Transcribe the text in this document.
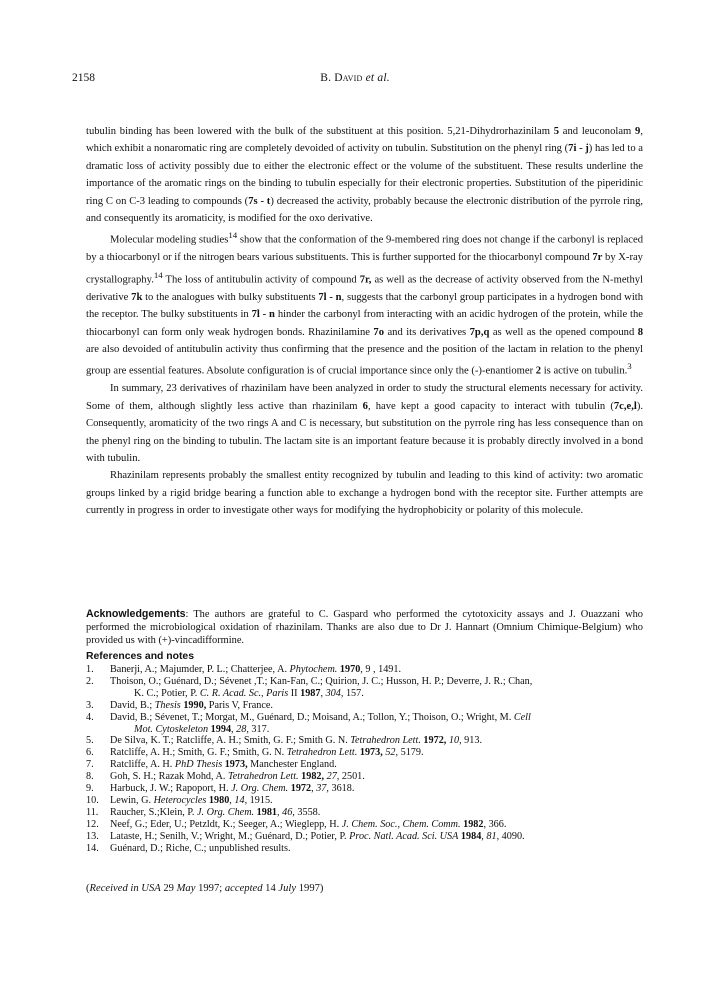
2158	B. David et al.

tubulin binding has been lowered with the bulk of the substituent at this position. 5,21-Dihydrorhazinilam 5 and leuconolam 9, which exhibit a nonaromatic ring are completely devoided of activity on tubulin. Substitution on the phenyl ring (7i - j) has led to a dramatic loss of activity possibly due to either the electronic effect or the volume of the substituent. These results underline the importance of the aromatic rings on the binding to tubulin especially for their electronic properties. Substitution of the piperidinic ring C on C-3 leading to compounds (7s - t) decreased the activity, probably because the electronic distribution of the pyrrole ring, and consequently its aromaticity, is modified for the oxo derivative.

Molecular modeling studies$^{14}$ show that the conformation of the 9-membered ring does not change if the carbonyl is replaced by a thiocarbonyl or if the nitrogen bears various substituents. This is further supported for the thiocarbonyl compound 7r by X-ray crystallography.$^{14}$ The loss of antitubulin activity of compound 7r, as well as the decrease of activity observed from the N-methyl derivative 7k to the analogues with bulky substituents 7l - n, suggests that the carbonyl group participates in a hydrogen bond with the receptor. The bulky substituents in 7l - n hinder the carbonyl from interacting with an acidic hydrogen of the protein, while the thiocarbonyl can form only weak hydrogen bonds. Rhazinilamine 7o and its derivatives 7p,q as well as the opened compound 8 are also devoided of antitubulin activity thus confirming that the presence and the position of the lactam in relation to the phenyl group are essential features. Absolute configuration is of crucial importance since only the (-)-enantiomer 2 is active on tubulin.$^3$

In summary, 23 derivatives of rhazinilam have been analyzed in order to study the structural elements necessary for activity. Some of them, although slightly less active than rhazinilam 6, have kept a good capacity to interact with tubulin (7c,e,l). Consequently, aromaticity of the two rings A and C is necessary, but substitution on the pyrrole ring has less consequence than on the phenyl ring on the binding to tubulin. The lactam site is an important feature because it is probably directly involved in a bond with tubulin.

Rhazinilam represents probably the smallest entity recognized by tubulin and leading to this kind of activity: two aromatic groups linked by a rigid bridge bearing a function able to exchange a hydrogen bond with the receptor site. Further attempts are currently in progress in order to investigate other ways for modifying the hydrophobicity or polarity of this molecule.

Acknowledgements: The authors are grateful to C. Gaspard who performed the cytotoxicity assays and J. Ouazzani who performed the microbiological oxidation of rhazinilam. Thanks are also due to Dr J. Hannart (Omnium Chimique-Belgium) who provided us with (+)-vincadifformine.
References and notes
1.	Banerji, A.; Majumder, P. L.; Chatterjee, A. Phytochem. 1970, 9 , 1491.
2.	Thoison, O.; Guénard, D.; Sévenet ,T.; Kan-Fan, C.; Quirion, J. C.; Husson, H. P.; Deverre, J. R.; Chan,
K. C.; Potier, P. C. R. Acad. Sc., Paris II 1987, 304, 157.
3.	David, B.; Thesis 1990, Paris V, France.
4.	David, B.; Sévenet, T.; Morgat, M., Guénard, D.; Moisand, A.; Tollon, Y.; Thoison, O.; Wright, M. Cell
Mot. Cytoskeleton 1994, 28, 317.
5.	De Silva, K. T.; Ratcliffe, A. H.; Smith, G. F.; Smith G. N. Tetrahedron Lett. 1972, 10, 913.
6.	Ratcliffe, A. H.; Smith, G. F.; Smith, G. N. Tetrahedron Lett. 1973, 52, 5179.
7.	Ratcliffe, A. H. PhD Thesis 1973, Manchester England.
8.	Goh, S. H.; Razak Mohd, A. Tetrahedron Lett. 1982, 27, 2501.
9.	Harbuck, J. W.; Rapoport, H. J. Org. Chem. 1972, 37, 3618.
10.	Lewin, G. Heterocycles 1980, 14, 1915.
11.	Raucher, S.;Klein, P. J. Org. Chem. 1981, 46, 3558.
12.	Neef, G.; Eder, U.; Petzldt, K.; Seeger, A.; Wieglepp, H. J. Chem. Soc., Chem. Comm. 1982, 366.
13.	Lataste, H.; Senilh, V.; Wright, M.; Guénard, D.; Potier, P. Proc. Natl. Acad. Sci. USA 1984, 81, 4090.
14.	Guénard, D.; Riche, C.; unpublished results.
(Received in USA 29 May 1997; accepted 14 July 1997)
